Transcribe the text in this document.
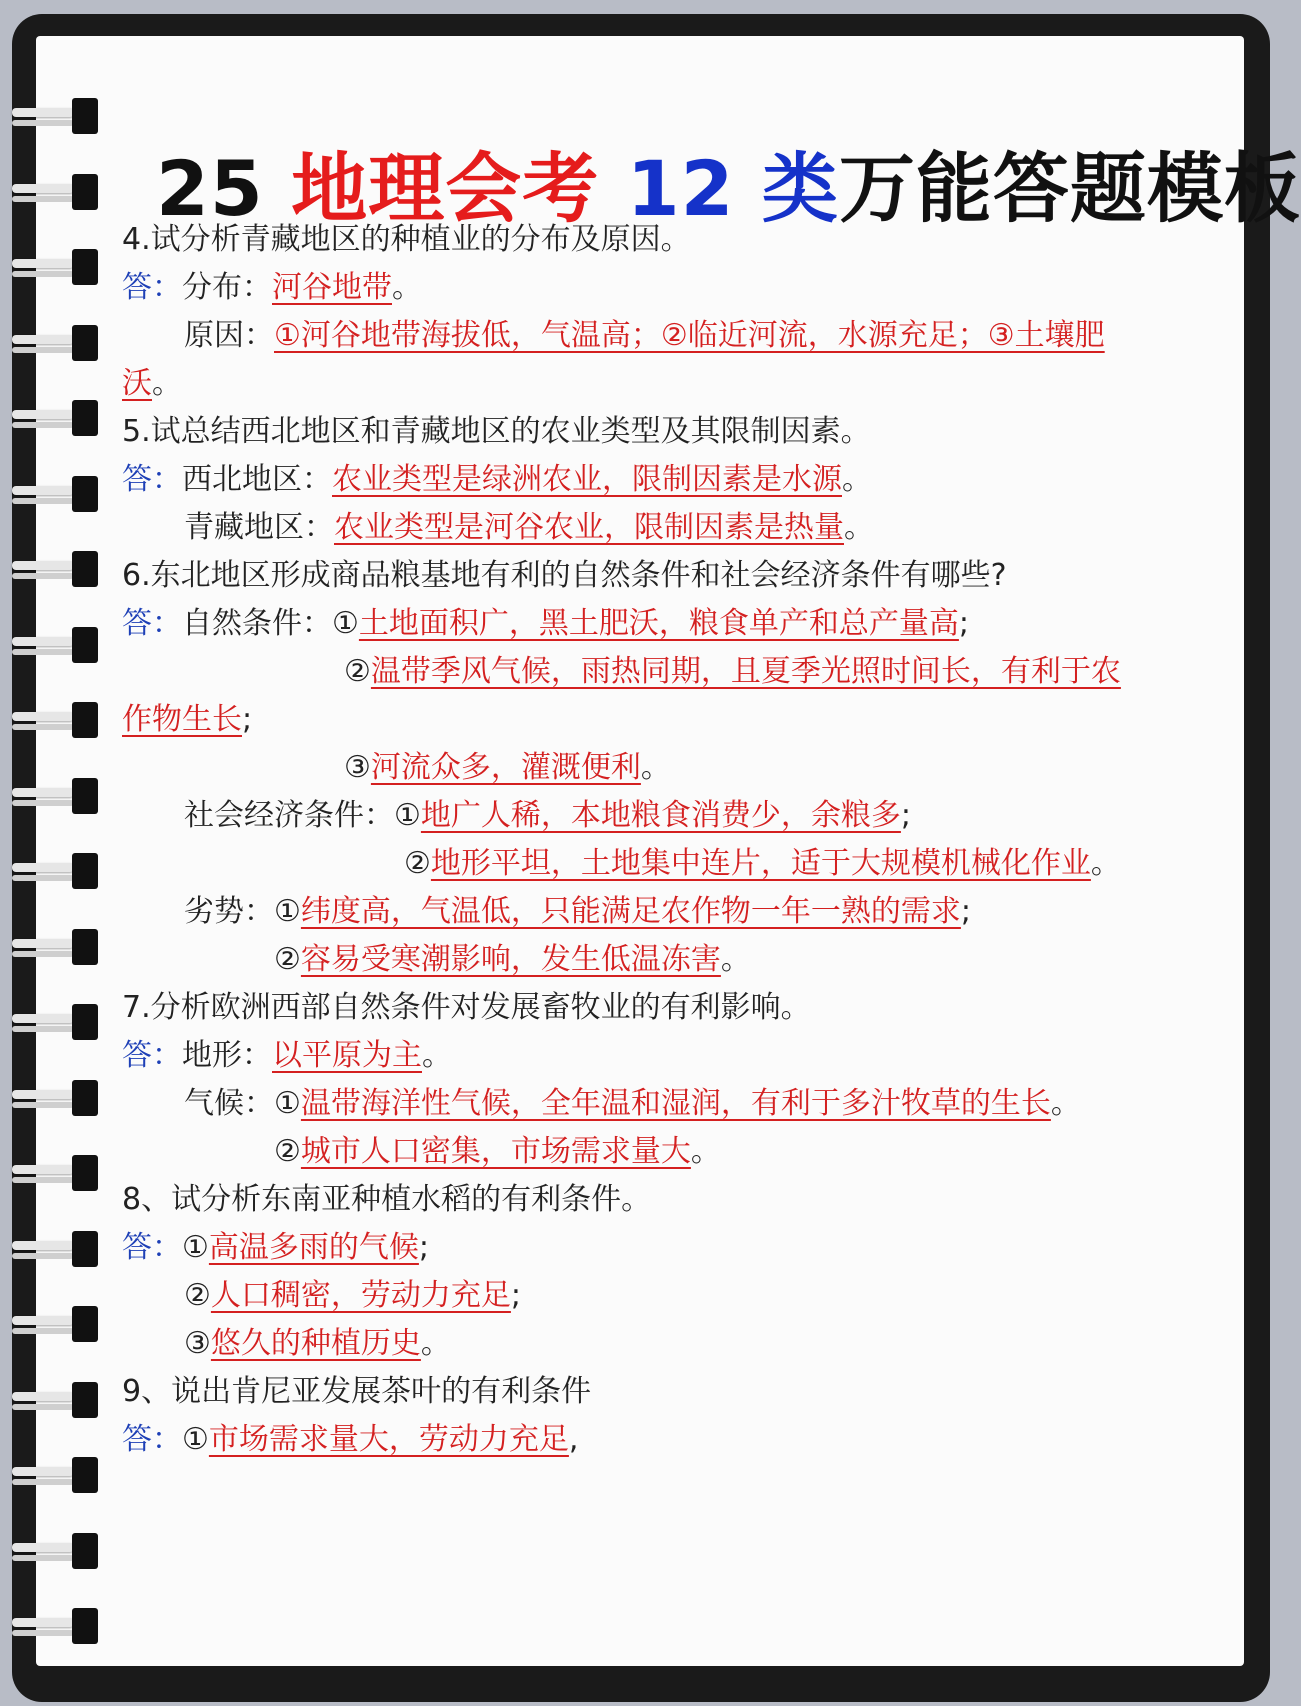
25 地理会考 12 类万能答题模板
4.试分析青藏地区的种植业的分布及原因。
答：分布：河谷地带。
原因：①河谷地带海拔低，气温高；②临近河流，水源充足；③土壤肥
沃。
5.试总结西北地区和青藏地区的农业类型及其限制因素。
答：西北地区：农业类型是绿洲农业，限制因素是水源。
青藏地区：农业类型是河谷农业，限制因素是热量。
6.东北地区形成商品粮基地有利的自然条件和社会经济条件有哪些?
答：自然条件：①土地面积广，黑土肥沃，粮食单产和总产量高;
②温带季风气候，雨热同期，且夏季光照时间长，有利于农
作物生长;
③河流众多，灌溉便利。
社会经济条件：①地广人稀，本地粮食消费少，余粮多;
②地形平坦，土地集中连片，适于大规模机械化作业。
劣势：①纬度高，气温低，只能满足农作物一年一熟的需求;
②容易受寒潮影响，发生低温冻害。
7.分析欧洲西部自然条件对发展畜牧业的有利影响。
答：地形：以平原为主。
气候：①温带海洋性气候，全年温和湿润，有利于多汁牧草的生长。
②城市人口密集，市场需求量大。
8、试分析东南亚种植水稻的有利条件。
答：①高温多雨的气候;
②人口稠密，劳动力充足;
③悠久的种植历史。
9、说出肯尼亚发展茶叶的有利条件
答：①市场需求量大，劳动力充足,
